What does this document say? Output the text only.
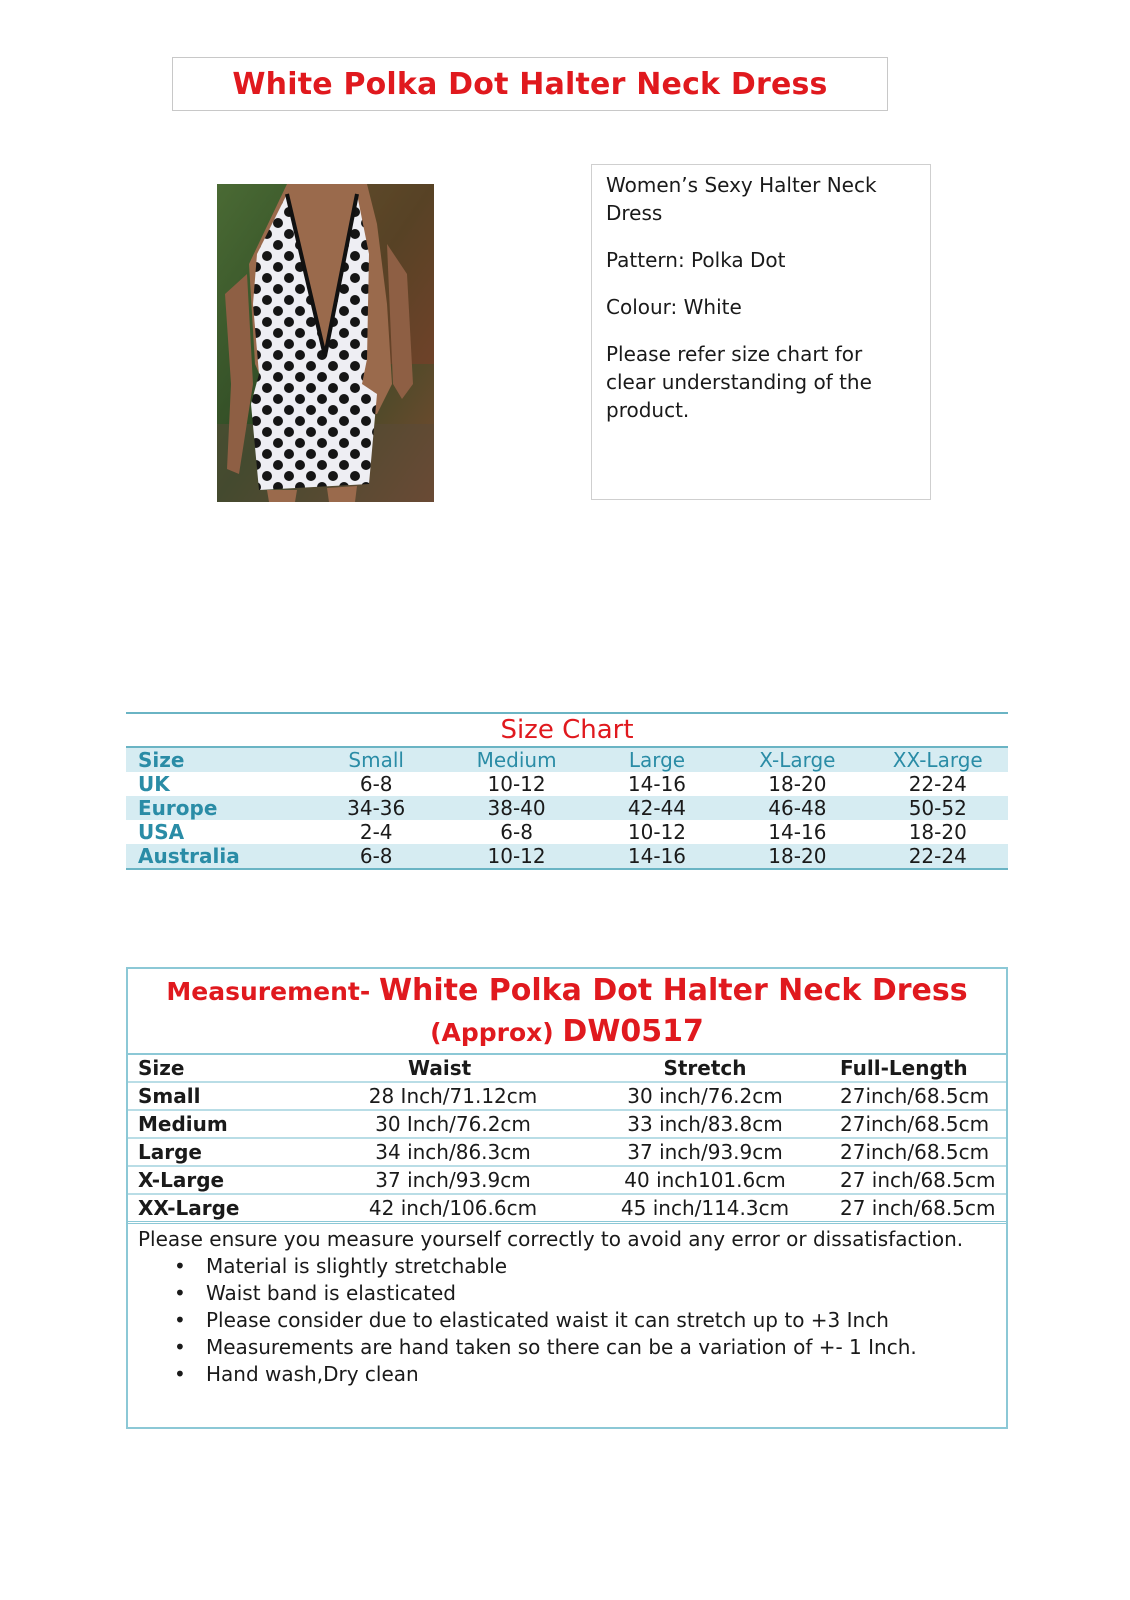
White Polka Dot Halter Neck Dress

Women’s Sexy Halter Neck Dress

Pattern: Polka Dot

Colour: White

Please refer size chart for clear understanding of the product.

Size Chart
Size	Small	Medium	Large	X-Large	XX-Large
UK	6-8	10-12	14-16	18-20	22-24
Europe	34-36	38-40	42-44	46-48	50-52
USA	2-4	6-8	10-12	14-16	18-20
Australia	6-8	10-12	14-16	18-20	22-24
Measurement- White Polka Dot Halter Neck Dress
(Approx) DW0517
Size	Waist	Stretch	Full-Length
Small	28 Inch/71.12cm	30 inch/76.2cm	27inch/68.5cm
Medium	30 Inch/76.2cm	33 inch/83.8cm	27inch/68.5cm
Large	34 inch/86.3cm	37 inch/93.9cm	27inch/68.5cm
X-Large	37 inch/93.9cm	40 inch101.6cm	27 inch/68.5cm
XX-Large	42 inch/106.6cm	45 inch/114.3cm	27 inch/68.5cm
Please ensure you measure yourself correctly to avoid any error or dissatisfaction.
• Material is slightly stretchable
• Waist band is elasticated
• Please consider due to elasticated waist it can stretch up to +3 Inch
• Measurements are hand taken so there can be a variation of +- 1 Inch.
• Hand wash,Dry clean
